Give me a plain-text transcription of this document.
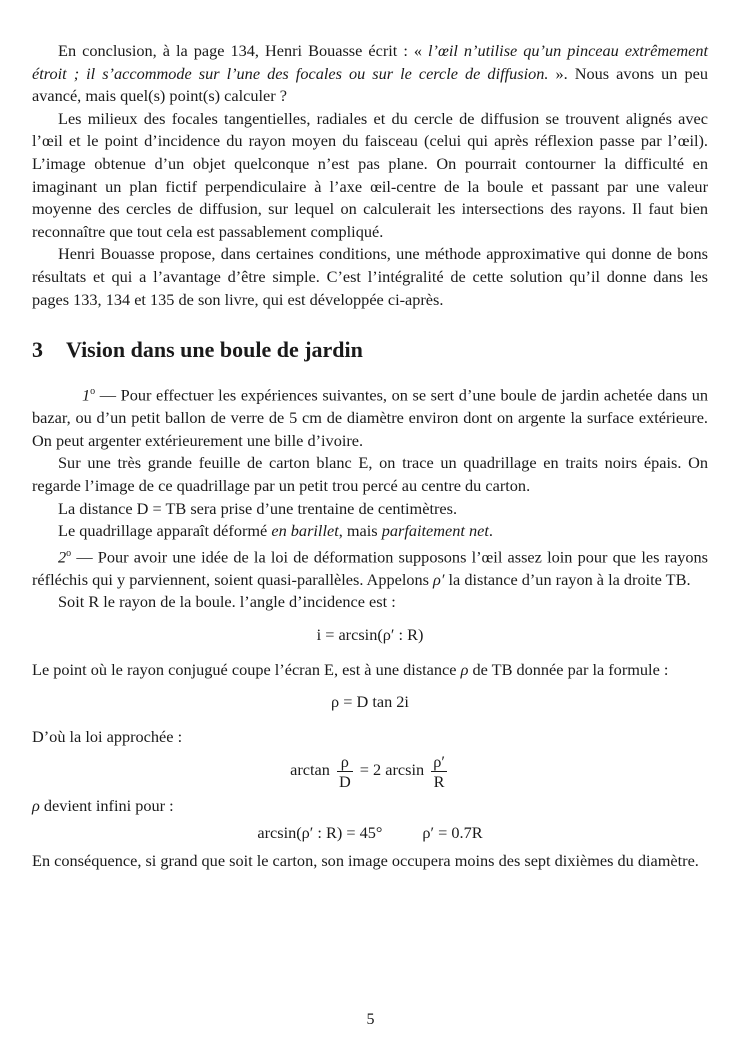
En conclusion, à la page 134, Henri Bouasse écrit : « l’œil n’utilise qu’un pinceau extrêmement étroit ; il s’accommode sur l’une des focales ou sur le cercle de diffusion. ». Nous avons un peu avancé, mais quel(s) point(s) calculer ?

Les milieux des focales tangentielles, radiales et du cercle de diffusion se trouvent alignés avec l’œil et le point d’incidence du rayon moyen du faisceau (celui qui après réflexion passe par l’œil). L’image obtenue d’un objet quelconque n’est pas plane. On pourrait contourner la difficulté en imaginant un plan fictif perpendiculaire à l’axe œil-centre de la boule et passant par une valeur moyenne des cercles de diffusion, sur lequel on calculerait les intersections des rayons. Il faut bien reconnaître que tout cela est passablement compliqué.

Henri Bouasse propose, dans certaines conditions, une méthode approximative qui donne de bons résultats et qui a l’avantage d’être simple. C’est l’intégralité de cette solution qu’il donne dans les pages 133, 134 et 135 de son livre, qui est développée ci-après.

3 Vision dans une boule de jardin

1$^o$ — Pour effectuer les expériences suivantes, on se sert d’une boule de jardin achetée dans un bazar, ou d’un petit ballon de verre de 5 cm de diamètre environ dont on argente la surface extérieure. On peut argenter extérieurement une bille d’ivoire.

Sur une très grande feuille de carton blanc E, on trace un quadrillage en traits noirs épais. On regarde l’image de ce quadrillage par un petit trou percé au centre du carton.

La distance D = TB sera prise d’une trentaine de centimètres.

Le quadrillage apparaît déformé en barillet, mais parfaitement net.

2$^o$ — Pour avoir une idée de la loi de déformation supposons l’œil assez loin pour que les rayons réfléchis qui y parviennent, soient quasi-parallèles. Appelons ρ′ la distance d’un rayon à la droite TB.

Soit R le rayon de la boule. l’angle d’incidence est :

i = arcsin(ρ′ : R)

Le point où le rayon conjugué coupe l’écran E, est à une distance ρ de TB donnée par la formule :

ρ = D tan 2i

D’où la loi approchée :

$\arctan \frac{\rho}{D} = 2$ $\arcsin \frac{\rho'}{R}$

ρ devient infini pour :

arcsin(ρ′ : R) = 45° ρ′ = 0.7R

En conséquence, si grand que soit le carton, son image occupera moins des sept dixièmes du diamètre.

5
